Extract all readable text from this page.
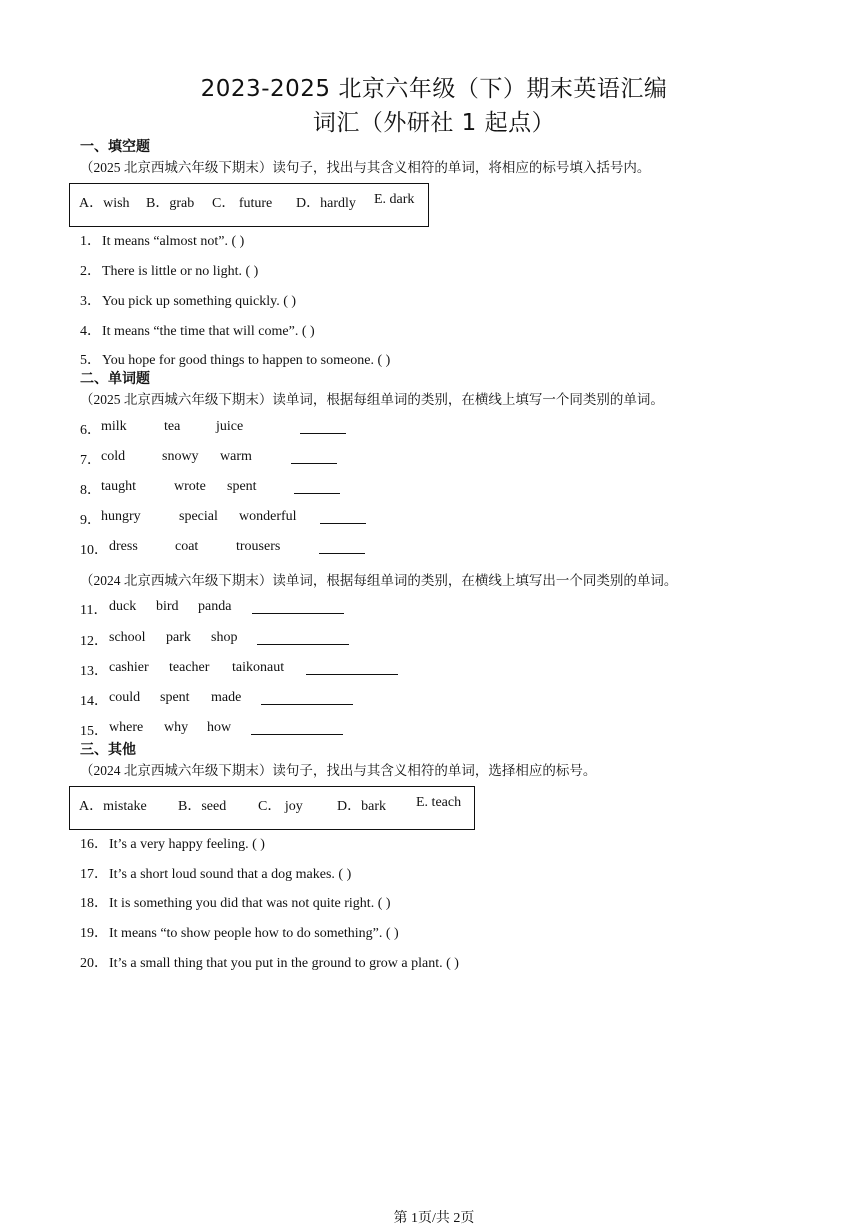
2023-2025 北京六年级（下）期末英语汇编
词汇（外研社 1 起点）
一、填空题
（2025 北京西城六年级下期末）读句子，找出与其含义相符的单词，将相应的标号填入括号内。
A．wish B．grab C． future D．hardly E. dark
1．It means “almost not”. ( )
2．There is little or no light. ( )
3．You pick up something quickly. ( )
4．It means “the time that will come”. ( )
5．You hope for good things to happen to someone. ( )
二、单词题
（2025 北京西城六年级下期末）读单词，根据每组单词的类别，在横线上填写一个同类别的单词。
6． milk	tea	juice
7． cold	snowy warm
8． taught	wrote spent
9． hungry	special wonderful
10． dress	coat	trousers
（2024 北京西城六年级下期末）读单词，根据每组单词的类别，在横线上填写出一个同类别的单词。
11． duck bird panda
12． school park shop
13． cashier teacher taikonaut
14． could spent made
15． where why how
三、其他
（2024 北京西城六年级下期末）读句子，找出与其含义相符的单词，选择相应的标号。
A．mistake B．seed C． joy D．bark E. teach
16．It’s a very happy feeling. ( )
17．It’s a short loud sound that a dog makes. ( )
18．It is something you did that was not quite right. ( )
19．It means “to show people how to do something”. ( )
20．It’s a small thing that you put in the ground to grow a plant. ( )
第 1页/共 2页
